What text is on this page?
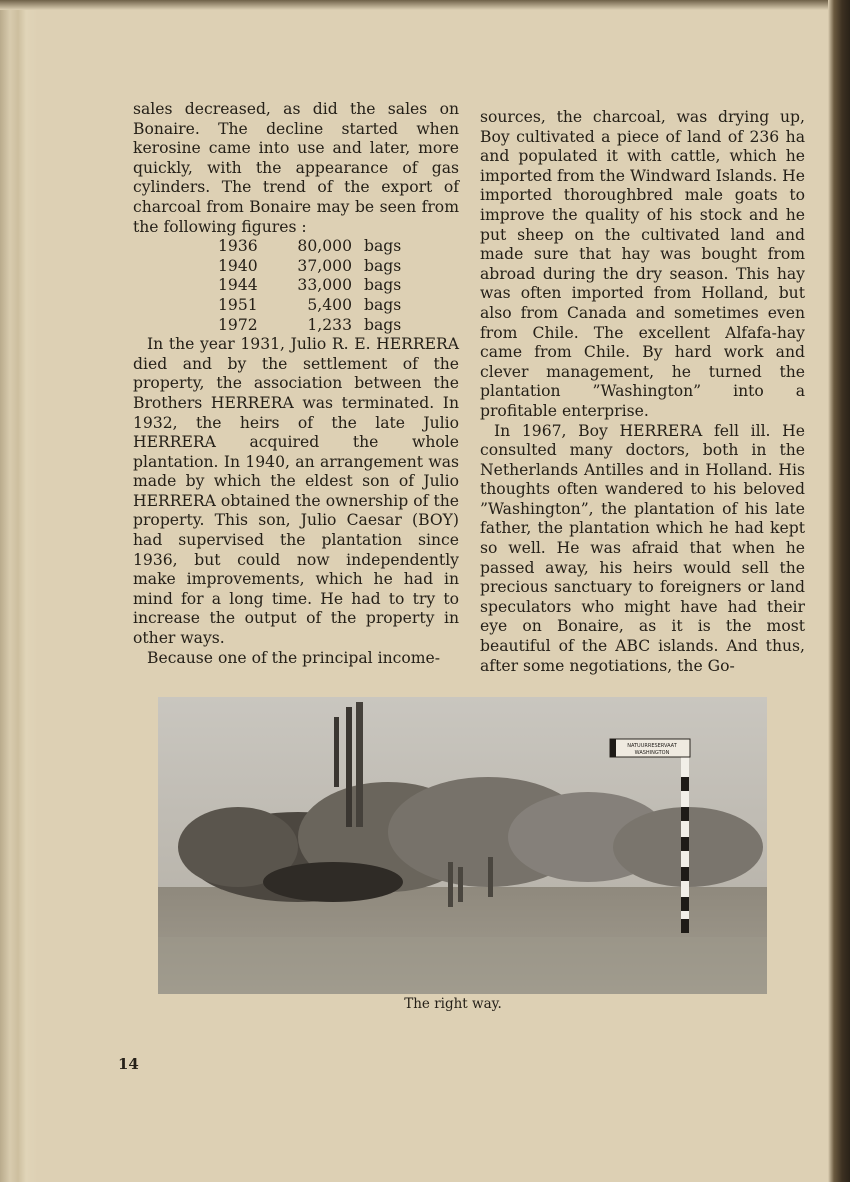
sales decreased, as did the sales on Bonaire. The decline started when kerosine came into use and later, more quickly, with the appearance of gas cylinders. The trend of the export of charcoal from Bonaire may be seen from the following figures :

1936	80,000	bags
1940	37,000	bags
1944	33,000	bags
1951	5,400	bags
1972	1,233	bags

In the year 1931, Julio R. E. HERRERA died and by the settlement of the property, the association between the Brothers HERRERA was terminated. In 1932, the heirs of the late Julio HERRERA acquired the whole plantation. In 1940, an arrangement was made by which the eldest son of Julio HERRERA obtained the ownership of the property. This son, Julio Caesar (BOY) had supervised the plantation since 1936, but could now independently make improvements, which he had in mind for a long time. He had to try to increase the output of the property in other ways.

Because one of the principal income-

sources, the charcoal, was drying up, Boy cultivated a piece of land of 236 ha and populated it with cattle, which he imported from the Windward Islands. He imported thoroughbred male goats to improve the quality of his stock and he put sheep on the cultivated land and made sure that hay was bought from abroad during the dry season. This hay was often imported from Holland, but also from Canada and sometimes even from Chile. The excellent Alfafa-hay came from Chile. By hard work and clever management, he turned the plantation ”Washington” into a profitable enterprise.

In 1967, Boy HERRERA fell ill. He consulted many doctors, both in the Netherlands Antilles and in Holland. His thoughts often wandered to his beloved ”Washington”, the plantation of his late father, the plantation which he had kept so well. He was afraid that when he passed away, his heirs would sell the precious sanctuary to foreigners or land speculators who might have had their eye on Bonaire, as it is the most beautiful of the ABC islands. And thus, after some negotiations, the Go-

NATUURRESERVAAT
WASHINGTON
The right way.
14
